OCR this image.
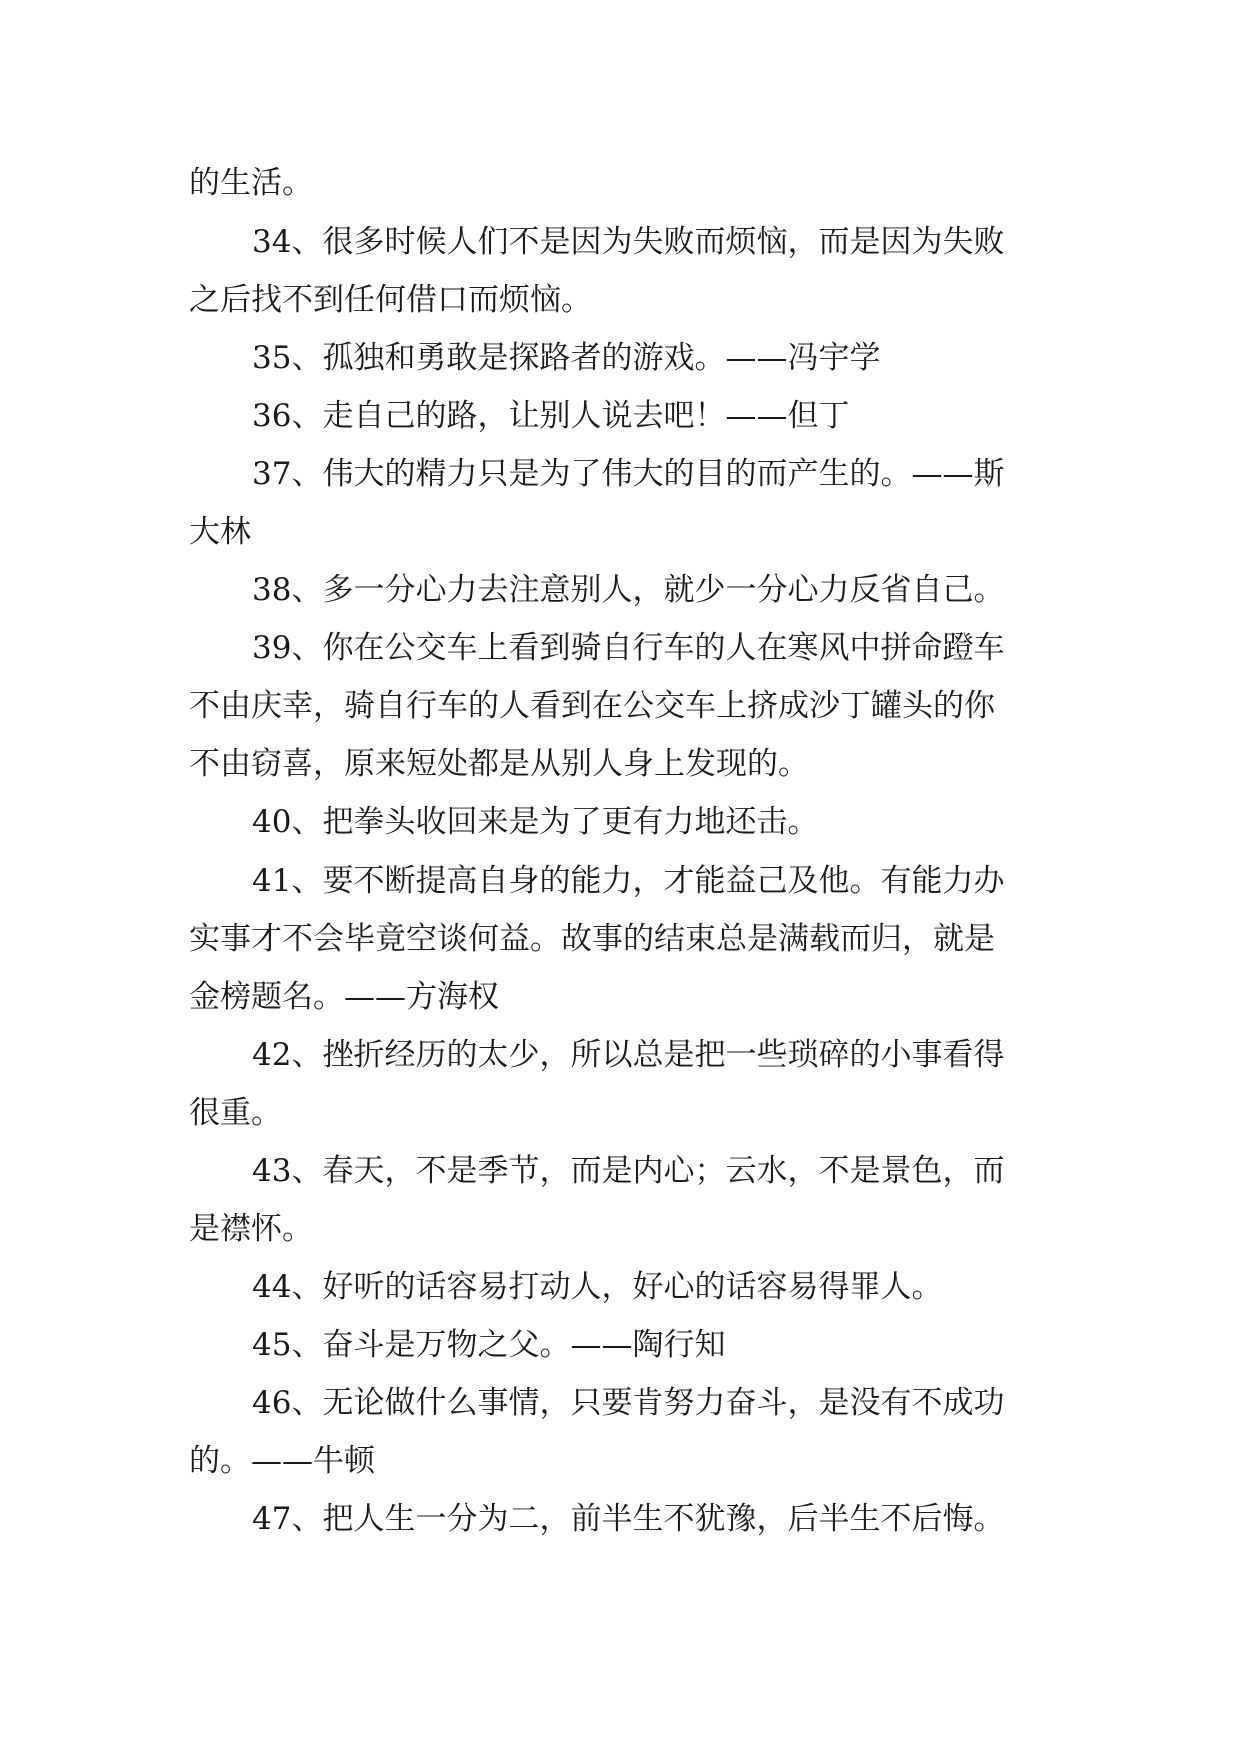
的生活。
34、很多时候人们不是因为失败而烦恼，而是因为失败
之后找不到任何借口而烦恼。
35、孤独和勇敢是探路者的游戏。——冯宇学
36、走自己的路，让别人说去吧！——但丁
37、伟大的精力只是为了伟大的目的而产生的。——斯
大林
38、多一分心力去注意别人，就少一分心力反省自己。
39、你在公交车上看到骑自行车的人在寒风中拼命蹬车
不由庆幸，骑自行车的人看到在公交车上挤成沙丁罐头的你
不由窃喜，原来短处都是从别人身上发现的。
40、把拳头收回来是为了更有力地还击。
41、要不断提高自身的能力，才能益己及他。有能力办
实事才不会毕竟空谈何益。故事的结束总是满载而归，就是
金榜题名。——方海权
42、挫折经历的太少，所以总是把一些琐碎的小事看得
很重。
43、春天，不是季节，而是内心；云水，不是景色，而
是襟怀。
44、好听的话容易打动人，好心的话容易得罪人。
45、奋斗是万物之父。——陶行知
46、无论做什么事情，只要肯努力奋斗，是没有不成功
的。——牛顿
47、把人生一分为二，前半生不犹豫，后半生不后悔。
